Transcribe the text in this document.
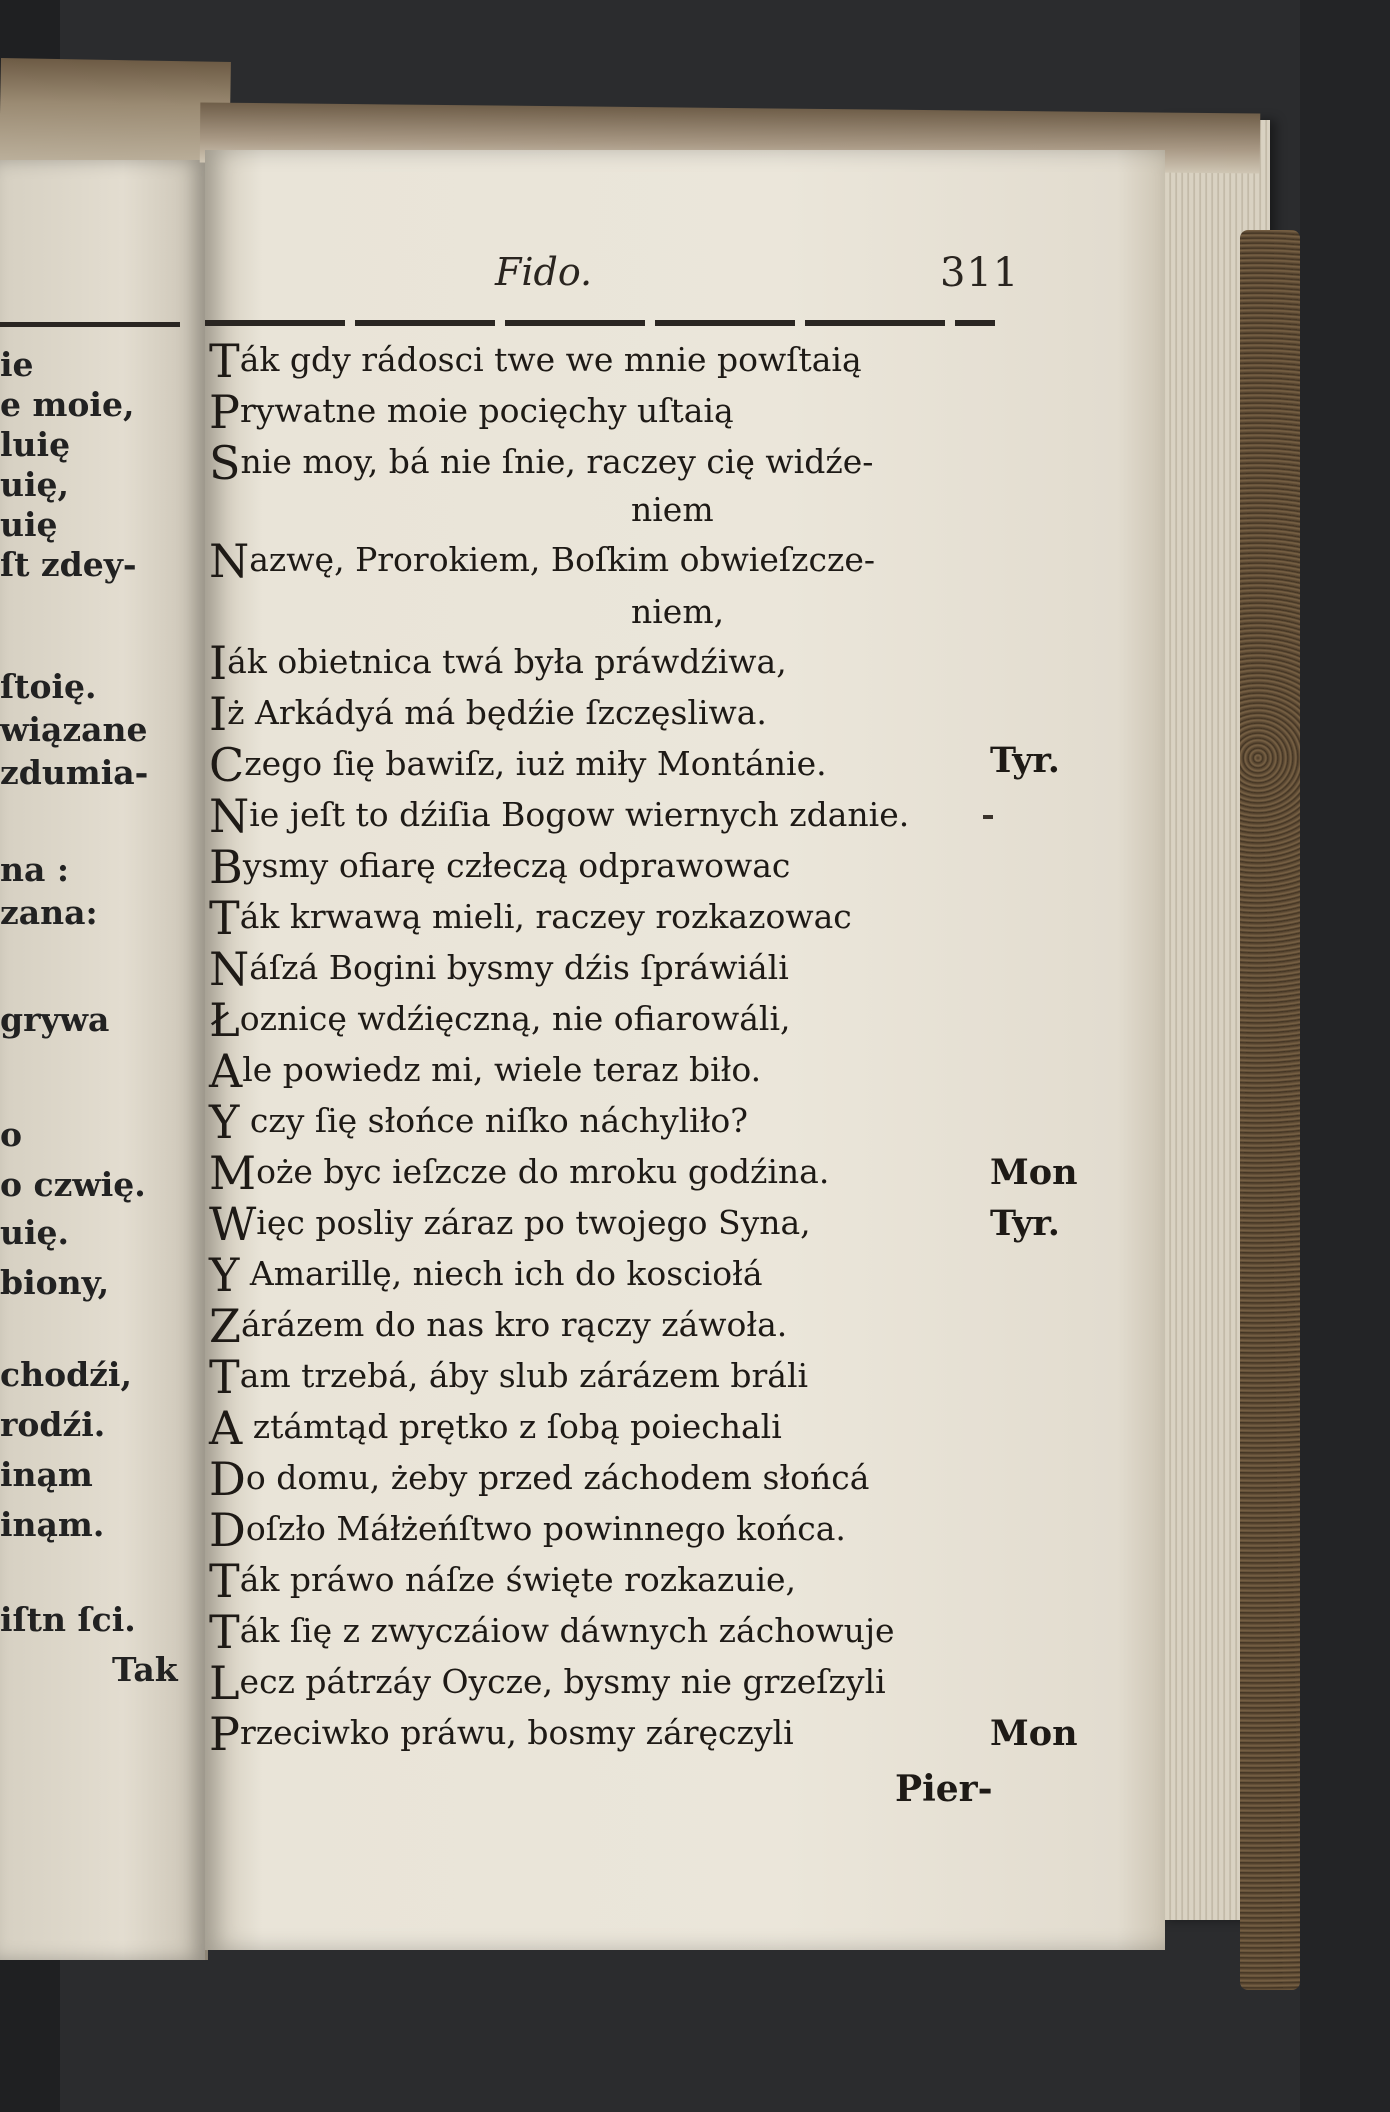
ie
e moie,
luię
uię,
uię
ſt zdey-
ſtoię.
wiązane
zdumia-
na :
zana:
grywa
o
o czwię.
uię.
biony,
chodźi,
rodźi.
inąm
inąm.
iſtn ſci.
Tak
Fido.	311
Ták gdy rádosci twe we mnie powſtaią
Prywatne moie pocięchy uſtaią
Snie moy, bá nie ſnie, raczey cię widźe-
niem
Nazwę, Prorokiem, Boſkim obwieſzcze-
niem,
Iák obietnica twá była práwdźiwa,
Iż Arkádyá má będźie ſzczęsliwa.
Czego ſię bawiſz, iuż miły Montánie.
Nie jeſt to dźiſia Bogow wiernych zdanie.
Bysmy ofiarę człeczą odprawowac
Ták krwawą mieli, raczey rozkazowac
Náſzá Bogini bysmy dźis ſpráwiáli
Łoznicę wdźięczną, nie ofiarowáli,
Ale powiedz mi, wiele teraz biło.
Y czy ſię słońce niſko náchyliło?
Może byc ieſzcze do mroku godźina.
Więc posliy záraz po twojego Syna,
Y Amarillę, niech ich do kosciołá
Zárázem do nas kro rączy záwoła.
Tam trzebá, áby slub zárázem bráli
A ztámtąd prętko z ſobą poiechali
Do domu, żeby przed záchodem słońcá
Doſzło Máłżeńſtwo powinnego końca.
Ták práwo náſze święte rozkazuie,
Ták ſię z zwyczáiow dáwnych záchowuje
Lecz pátrzáy Oycze, bysmy nie grzeſzyli
Przeciwko práwu, bosmy záręczyli
Tyr.
Mon
Tyr.
Mon
Pier-
